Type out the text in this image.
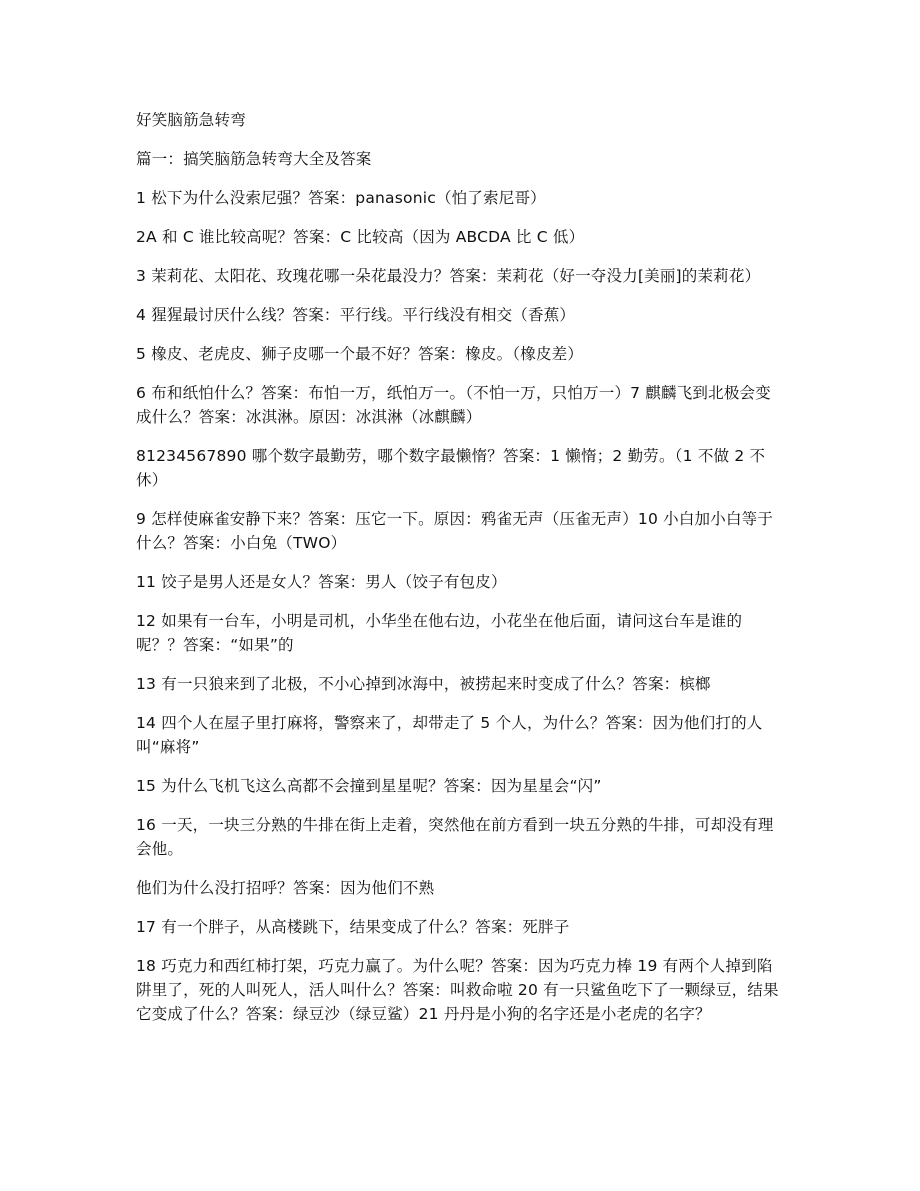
好笑脑筋急转弯

篇一：搞笑脑筋急转弯大全及答案

1 松下为什么没索尼强？答案：panasonic（怕了索尼哥）

2A 和 C 谁比较高呢？答案：C 比较高（因为 ABCDA 比 C 低）

3 茉莉花、太阳花、玫瑰花哪一朵花最没力？答案：茉莉花（好一夺没力[美丽]的茉莉花）

4 猩猩最讨厌什么线？答案：平行线。平行线没有相交（香蕉）

5 橡皮、老虎皮、狮子皮哪一个最不好？答案：橡皮。（橡皮差）

6 布和纸怕什么？答案：布怕一万，纸怕万一。（不怕一万，只怕万一）7 麒麟飞到北极会变成什么？答案：冰淇淋。原因：冰淇淋（冰麒麟）

81234567890 哪个数字最勤劳，哪个数字最懒惰？答案：1 懒惰；2 勤劳。（1 不做 2 不休）

9 怎样使麻雀安静下来？答案：压它一下。原因：鸦雀无声（压雀无声）10 小白加小白等于什么？答案：小白兔（TWO）

11 饺子是男人还是女人？答案：男人（饺子有包皮）

12 如果有一台车，小明是司机，小华坐在他右边，小花坐在他后面，请问这台车是谁的呢？？答案：“如果”的

13 有一只狼来到了北极，不小心掉到冰海中，被捞起来时变成了什么？答案：槟榔

14 四个人在屋子里打麻将，警察来了，却带走了 5 个人，为什么？答案：因为他们打的人叫“麻将”

15 为什么飞机飞这么高都不会撞到星星呢？答案：因为星星会“闪”

16 一天，一块三分熟的牛排在街上走着，突然他在前方看到一块五分熟的牛排，可却没有理会他。

他们为什么没打招呼？答案：因为他们不熟

17 有一个胖子，从高楼跳下，结果变成了什么？答案：死胖子

18 巧克力和西红柿打架，巧克力赢了。为什么呢？答案：因为巧克力棒 19 有两个人掉到陷阱里了，死的人叫死人，活人叫什么？答案：叫救命啦 20 有一只鲨鱼吃下了一颗绿豆，结果它变成了什么？答案：绿豆沙（绿豆鲨）21 丹丹是小狗的名字还是小老虎的名字？
